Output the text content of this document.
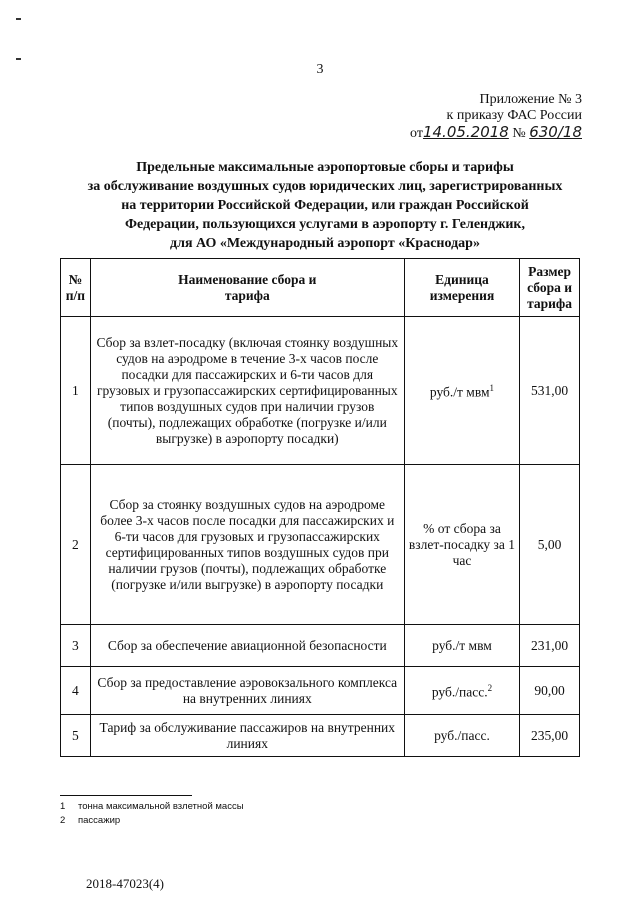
3
Приложение № 3
к приказу ФАС России
от14.05.2018 № 630/18
Предельные максимальные аэропортовые сборы и тарифы
за обслуживание воздушных судов юридических лиц, зарегистрированных
на территории Российской Федерации, или граждан Российской
Федерации, пользующихся услугами в аэропорту г. Геленджик,
для АО «Международный аэропорт «Краснодар»
№ п/п	Наименование сбора и тарифа	Единица измерения	Размер сбора и тарифа
1	Сбор за взлет-посадку (включая стоянку воздушных судов на аэродроме в течение 3-х часов после посадки для пассажирских и 6-ти часов для грузовых и грузопассажирских сертифицированных типов воздушных судов при наличии грузов (почты), подлежащих обработке (погрузке и/или выгрузке) в аэропорту посадки)	руб./т мвм$^1$	531,00
2	Сбор за стоянку воздушных судов на аэродроме более 3-х часов после посадки для пассажирских и 6-ти часов для грузовых и грузопассажирских сертифицированных типов воздушных судов при наличии грузов (почты), подлежащих обработке (погрузке и/или выгрузке) в аэропорту посадки	% от сбора за взлет-посадку за 1 час	5,00
3	Сбор за обеспечение авиационной безопасности	руб./т мвм	231,00
4	Сбор за предоставление аэровокзального комплекса на внутренних линиях	руб./пасс.$^2$	90,00
5	Тариф за обслуживание пассажиров на внутренних линиях	руб./пасс.	235,00
1 тонна максимальной взлетной массы
2 пассажир
2018-47023(4)
